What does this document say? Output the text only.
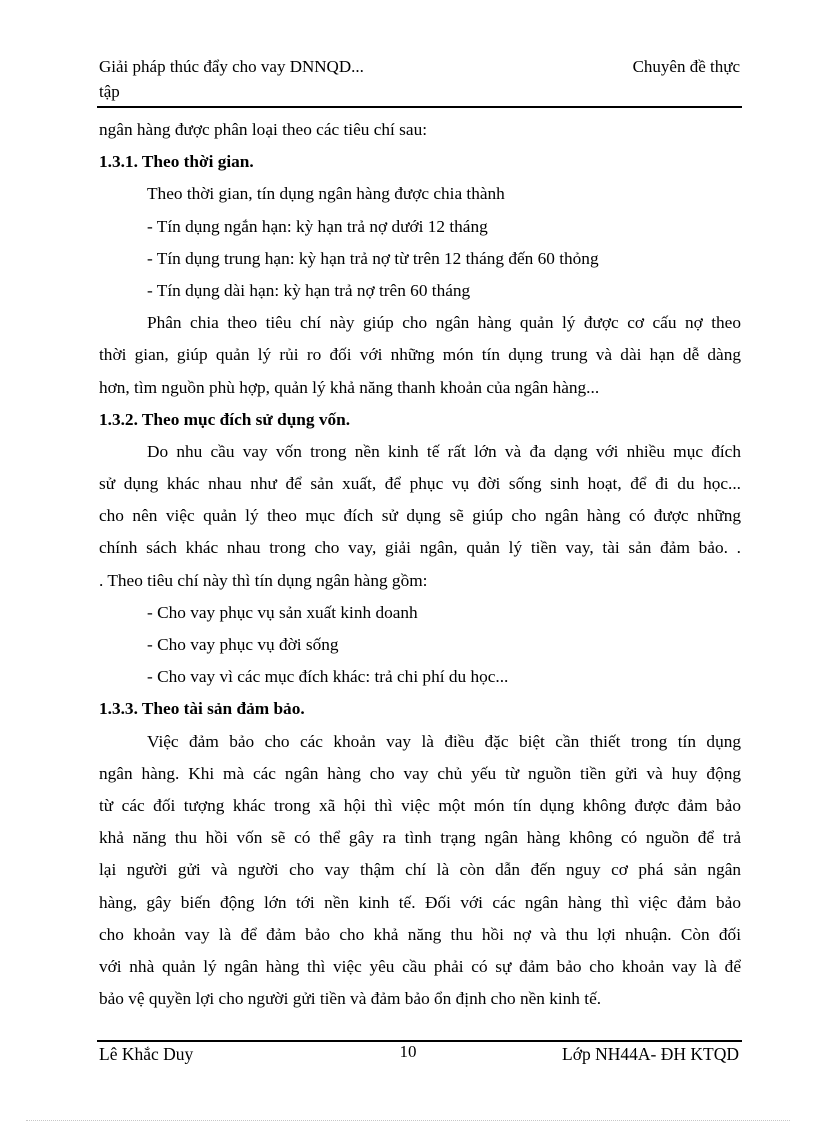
Giải pháp thúc đẩy cho vay DNNQD...	Chuyên đề thực
tập
ngân hàng được phân loại theo các tiêu chí sau:
1.3.1. Theo thời gian.
Theo thời gian, tín dụng ngân hàng được chia thành
- Tín dụng ngắn hạn: kỳ hạn trả nợ dưới 12 tháng
- Tín dụng trung hạn: kỳ hạn trả nợ từ trên 12 tháng đến 60 thỏng
- Tín dụng dài hạn: kỳ hạn trả nợ trên 60 tháng
Phân chia theo tiêu chí này giúp cho ngân hàng quản lý được cơ cấu nợ theo
thời gian, giúp quản lý rủi ro đối với những món tín dụng trung và dài hạn dễ dàng
hơn, tìm nguồn phù hợp, quản lý khả năng thanh khoản của ngân hàng...
1.3.2. Theo mục đích sử dụng vốn.
Do nhu cầu vay vốn trong nền kinh tế rất lớn và đa dạng với nhiều mục đích
sử dụng khác nhau như để sản xuất, để phục vụ đời sống sinh hoạt, để đi du học...
cho nên việc quản lý theo mục đích sử dụng sẽ giúp cho ngân hàng có được những
chính sách khác nhau trong cho vay, giải ngân, quản lý tiền vay, tài sản đảm bảo. .
. Theo tiêu chí này thì tín dụng ngân hàng gồm:
- Cho vay phục vụ sản xuất kinh doanh
- Cho vay phục vụ đời sống
- Cho vay vì các mục đích khác: trả chi phí du học...
1.3.3. Theo tài sản đảm bảo.
Việc đảm bảo cho các khoản vay là điều đặc biệt cần thiết trong tín dụng
ngân hàng. Khi mà các ngân hàng cho vay chủ yếu từ nguồn tiền gửi và huy động
từ các đối tượng khác trong xã hội thì việc một món tín dụng không được đảm bảo
khả năng thu hồi vốn sẽ có thể gây ra tình trạng ngân hàng không có nguồn để trả
lại người gửi và người cho vay thậm chí là còn dẫn đến nguy cơ phá sản ngân
hàng, gây biến động lớn tới nền kinh tế. Đối với các ngân hàng thì việc đảm bảo
cho khoản vay là để đảm bảo cho khả năng thu hồi nợ và thu lợi nhuận. Còn đối
với nhà quản lý ngân hàng thì việc yêu cầu phải có sự đảm bảo cho khoản vay là để
bảo vệ quyền lợi cho người gửi tiền và đảm bảo ổn định cho nền kinh tế.
Lê Khắc Duy	10	Lớp NH44A- ĐH KTQD
